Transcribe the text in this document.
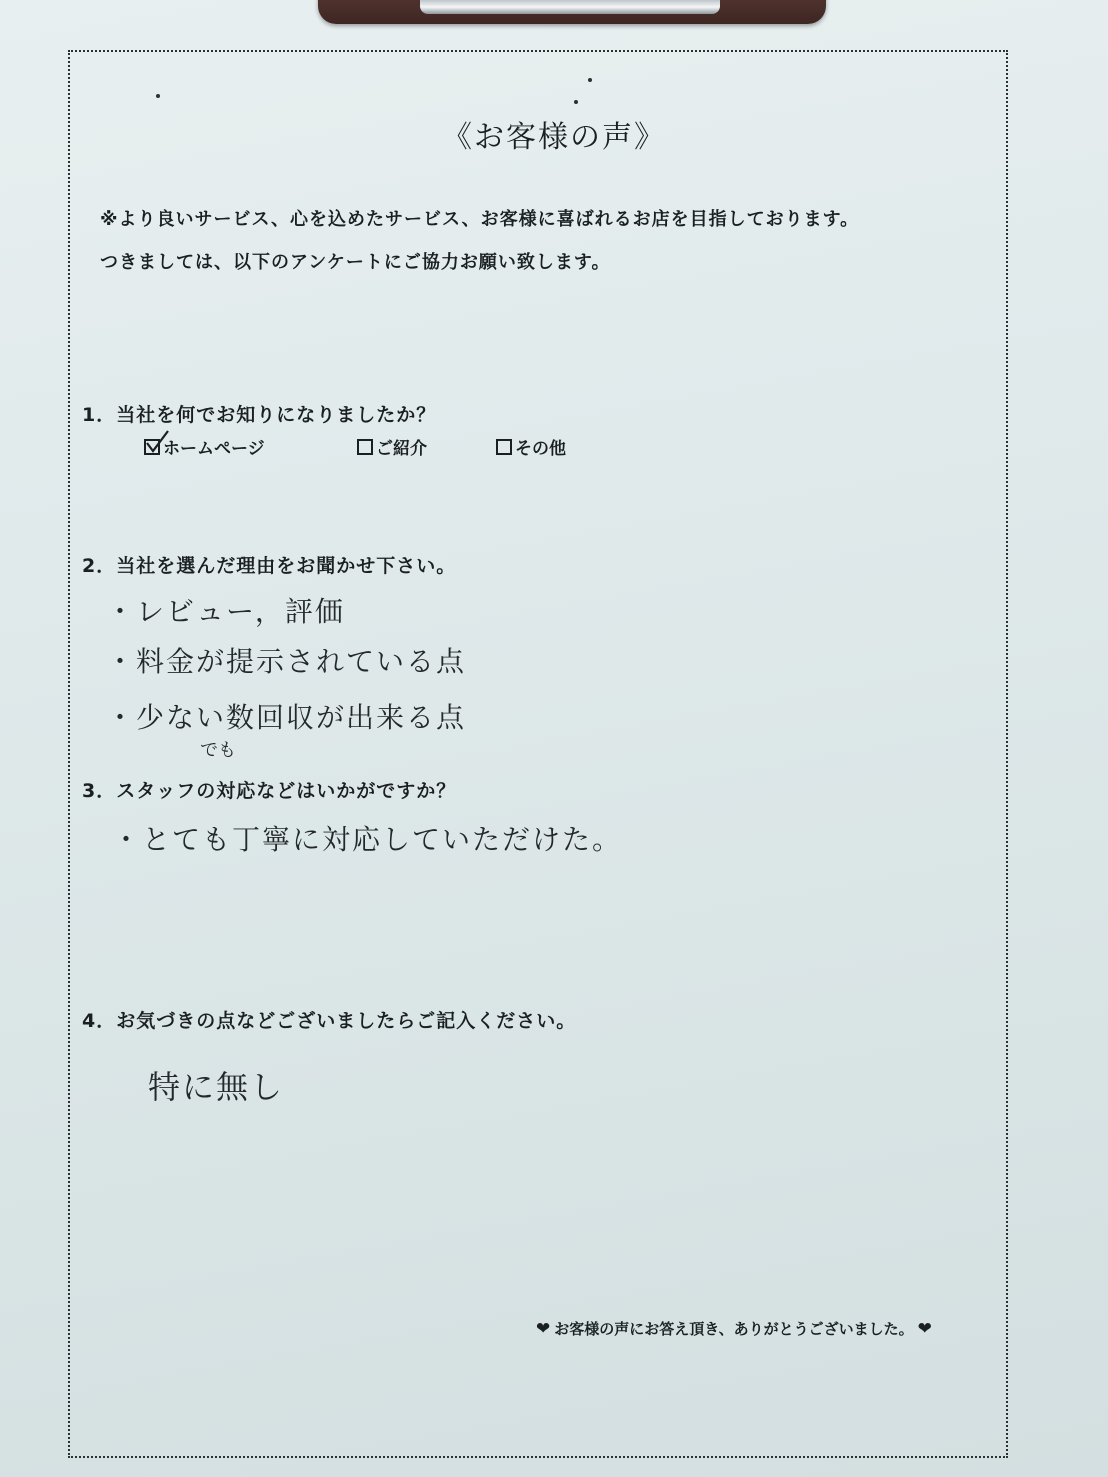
《お客様の声》
※より良いサービス、心を込めたサービス、お客様に喜ばれるお店を目指しております。
つきましては、以下のアンケートにご協力お願い致します。
1．当社を何でお知りになりましたか？
ホームページ	ご紹介	その他
2．当社を選んだ理由をお聞かせ下さい。
・レビュー，評価
・料金が提示されている点
・少ない数回収が出来る点
でも
3．スタッフの対応などはいかがですか？
・とても丁寧に対応していただけた。
4．お気づきの点などございましたらご記入ください。
特に無し
❤ お客様の声にお答え頂き、ありがとうございました。 ❤
